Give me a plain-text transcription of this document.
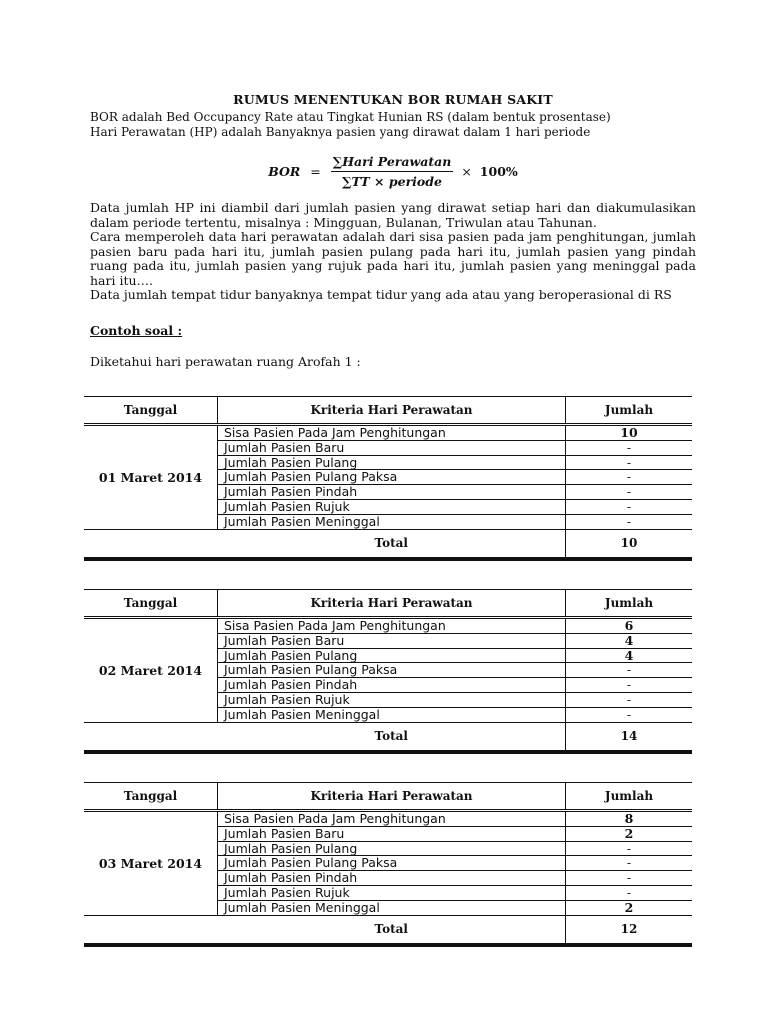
RUMUS MENENTUKAN BOR RUMAH SAKIT

BOR adalah Bed Occupancy Rate atau Tingkat Hunian RS (dalam bentuk prosentase)

Hari Perawatan (HP) adalah Banyaknya pasien yang dirawat dalam 1 hari periode

BOR = $\frac{\text{∑Hari Perawatan}}{\text{∑TT × periode}} \times 100\%$

Data jumlah HP ini diambil dari jumlah pasien yang dirawat setiap hari dan diakumulasikan dalam periode tertentu, misalnya : Mingguan, Bulanan, Triwulan atau Tahunan.

Cara memperoleh data hari perawatan adalah dari sisa pasien pada jam penghitungan, jumlah pasien baru pada hari itu, jumlah pasien pulang pada hari itu, jumlah pasien yang pindah ruang pada itu, jumlah pasien yang rujuk pada hari itu, jumlah pasien yang meninggal pada hari itu….

Data jumlah tempat tidur banyaknya tempat tidur yang ada atau yang beroperasional di RS

Contoh soal :

Diketahui hari perawatan ruang Arofah 1 :

Tanggal	Kriteria Hari Perawatan	Jumlah
01 Maret 2014	Sisa Pasien Pada Jam Penghitungan	10
	Jumlah Pasien Baru	-
	Jumlah Pasien Pulang	-
	Jumlah Pasien Pulang Paksa	-
	Jumlah Pasien Pindah	-
	Jumlah Pasien Rujuk	-
	Jumlah Pasien Meninggal	-
	Total	10
Tanggal	Kriteria Hari Perawatan	Jumlah
02 Maret 2014	Sisa Pasien Pada Jam Penghitungan	6
	Jumlah Pasien Baru	4
	Jumlah Pasien Pulang	4
	Jumlah Pasien Pulang Paksa	-
	Jumlah Pasien Pindah	-
	Jumlah Pasien Rujuk	-
	Jumlah Pasien Meninggal	-
	Total	14
Tanggal	Kriteria Hari Perawatan	Jumlah
03 Maret 2014	Sisa Pasien Pada Jam Penghitungan	8
	Jumlah Pasien Baru	2
	Jumlah Pasien Pulang	-
	Jumlah Pasien Pulang Paksa	-
	Jumlah Pasien Pindah	-
	Jumlah Pasien Rujuk	-
	Jumlah Pasien Meninggal	2
	Total	12
